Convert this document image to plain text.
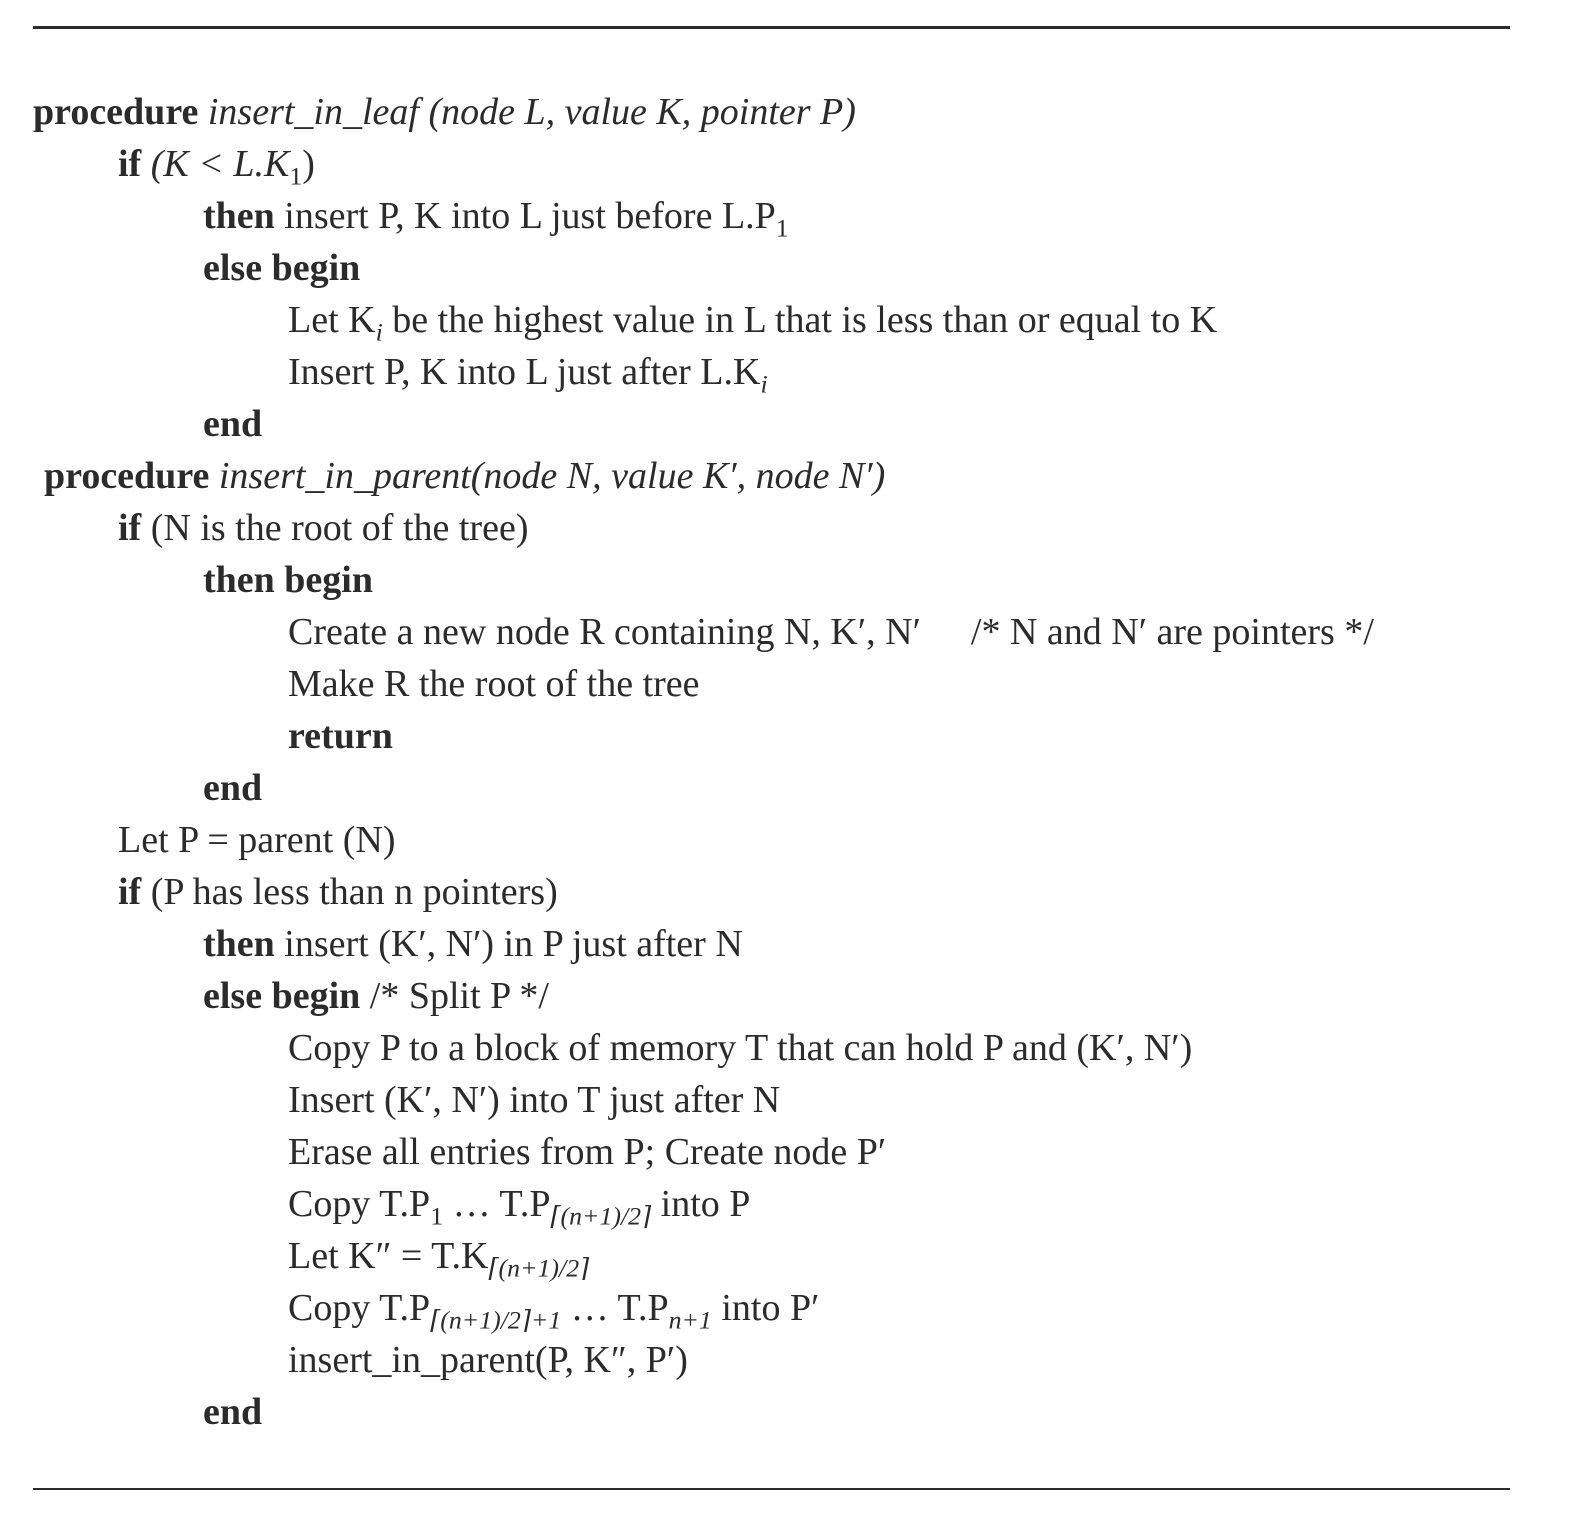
procedure insert_in_leaf (node L, value K, pointer P)
if $(K < L.K_1)$
then insert P, K into L just before $L.P_1$
else begin
Let $K_i$ be the highest value in L that is less than or equal to K
Insert P, K into L just after $L.K_i$
end
procedure insert_in_parent(node N, value K′, node N′)
if (N is the root of the tree)
then begin
Create a new node R containing N, K′, N′ /* N and N′ are pointers */
Make R the root of the tree
return
end
Let P = parent (N)
if (P has less than n pointers)
then insert (K′, N′) in P just after N
else begin /* Split P */
Copy P to a block of memory T that can hold P and (K′, N′)
Insert (K′, N′) into T just after N
Erase all entries from P; Create node P′
Copy $T.P_1$ … $T.P_{⌈(n+1)/2⌉}$ into P
Let $K'' = T.K_{⌈(n+1)/2⌉}$
Copy $T.P_{⌈(n+1)/2⌉+1}$ … $T.P_{n+1}$ into P′
insert_in_parent(P, K″, P′)
end
